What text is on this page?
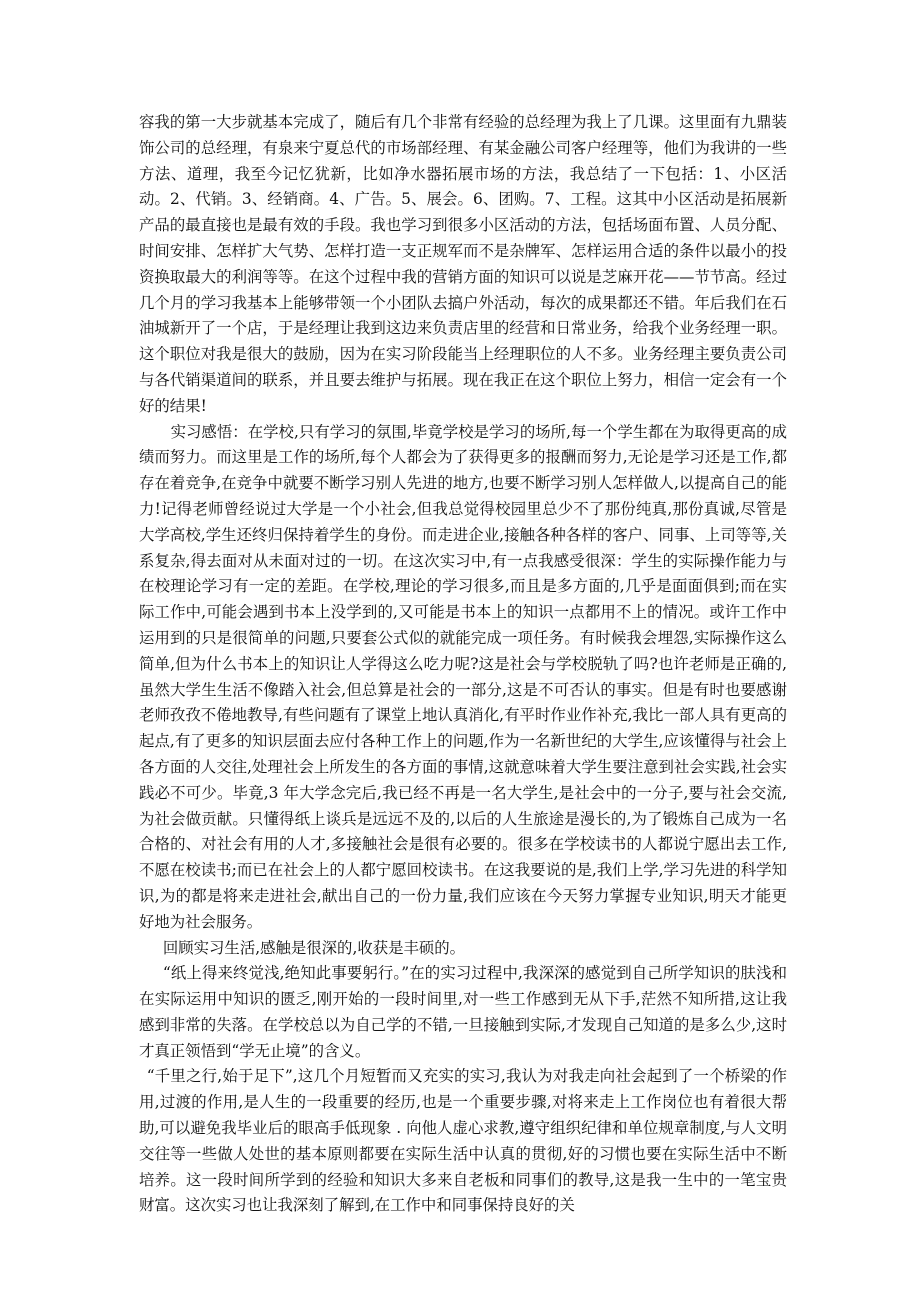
容我的第一大步就基本完成了，随后有几个非常有经验的总经理为我上了几课。这里面有九鼎装饰公司的总经理，有泉来宁夏总代的市场部经理、有某金融公司客户经理等，他们为我讲的一些方法、道理，我至今记忆犹新，比如净水器拓展市场的方法，我总结了一下包括：1、小区活动。2、代销。3、经销商。4、广告。5、展会。6、团购。7、工程。这其中小区活动是拓展新产品的最直接也是最有效的手段。我也学习到很多小区活动的方法，包括场面布置、人员分配、时间安排、怎样扩大气势、怎样打造一支正规军而不是杂牌军、怎样运用合适的条件以最小的投资换取最大的利润等等。在这个过程中我的营销方面的知识可以说是芝麻开花——节节高。经过几个月的学习我基本上能够带领一个小团队去搞户外活动，每次的成果都还不错。年后我们在石油城新开了一个店，于是经理让我到这边来负责店里的经营和日常业务，给我个业务经理一职。这个职位对我是很大的鼓励，因为在实习阶段能当上经理职位的人不多。业务经理主要负责公司与各代销渠道间的联系，并且要去维护与拓展。现在我正在这个职位上努力，相信一定会有一个好的结果!

实习感悟：在学校,只有学习的氛围,毕竟学校是学习的场所,每一个学生都在为取得更高的成绩而努力。而这里是工作的场所,每个人都会为了获得更多的报酬而努力,无论是学习还是工作,都存在着竞争,在竞争中就要不断学习别人先进的地方,也要不断学习别人怎样做人,以提高自己的能力!记得老师曾经说过大学是一个小社会,但我总觉得校园里总少不了那份纯真,那份真诚,尽管是大学高校,学生还终归保持着学生的身份。而走进企业,接触各种各样的客户、同事、上司等等,关系复杂,得去面对从未面对过的一切。在这次实习中,有一点我感受很深：学生的实际操作能力与在校理论学习有一定的差距。在学校,理论的学习很多,而且是多方面的,几乎是面面俱到;而在实际工作中,可能会遇到书本上没学到的,又可能是书本上的知识一点都用不上的情况。或许工作中运用到的只是很简单的问题,只要套公式似的就能完成一项任务。有时候我会埋怨,实际操作这么简单,但为什么书本上的知识让人学得这么吃力呢?这是社会与学校脱轨了吗?也许老师是正确的,虽然大学生生活不像踏入社会,但总算是社会的一部分,这是不可否认的事实。但是有时也要感谢老师孜孜不倦地教导,有些问题有了课堂上地认真消化,有平时作业作补充,我比一部人具有更高的起点,有了更多的知识层面去应付各种工作上的问题,作为一名新世纪的大学生,应该懂得与社会上各方面的人交往,处理社会上所发生的各方面的事情,这就意味着大学生要注意到社会实践,社会实践必不可少。毕竟,3 年大学念完后,我已经不再是一名大学生,是社会中的一分子,要与社会交流,为社会做贡献。只懂得纸上谈兵是远远不及的,以后的人生旅途是漫长的,为了锻炼自己成为一名合格的、对社会有用的人才,多接触社会是很有必要的。很多在学校读书的人都说宁愿出去工作,不愿在校读书;而已在社会上的人都宁愿回校读书。在这我要说的是,我们上学,学习先进的科学知识,为的都是将来走进社会,献出自己的一份力量,我们应该在今天努力掌握专业知识,明天才能更好地为社会服务。

回顾实习生活,感触是很深的,收获是丰硕的。

“纸上得来终觉浅,绝知此事要躬行。”在的实习过程中,我深深的感觉到自己所学知识的肤浅和在实际运用中知识的匮乏,刚开始的一段时间里,对一些工作感到无从下手,茫然不知所措,这让我感到非常的失落。在学校总以为自己学的不错,一旦接触到实际,才发现自己知道的是多么少,这时才真正领悟到“学无止境”的含义。

“千里之行,始于足下”,这几个月短暂而又充实的实习,我认为对我走向社会起到了一个桥梁的作用,过渡的作用,是人生的一段重要的经历,也是一个重要步骤,对将来走上工作岗位也有着很大帮助,可以避免我毕业后的眼高手低现象 . 向他人虚心求教,遵守组织纪律和单位规章制度,与人文明交往等一些做人处世的基本原则都要在实际生活中认真的贯彻,好的习惯也要在实际生活中不断培养。这一段时间所学到的经验和知识大多来自老板和同事们的教导,这是我一生中的一笔宝贵财富。这次实习也让我深刻了解到,在工作中和同事保持良好的关
